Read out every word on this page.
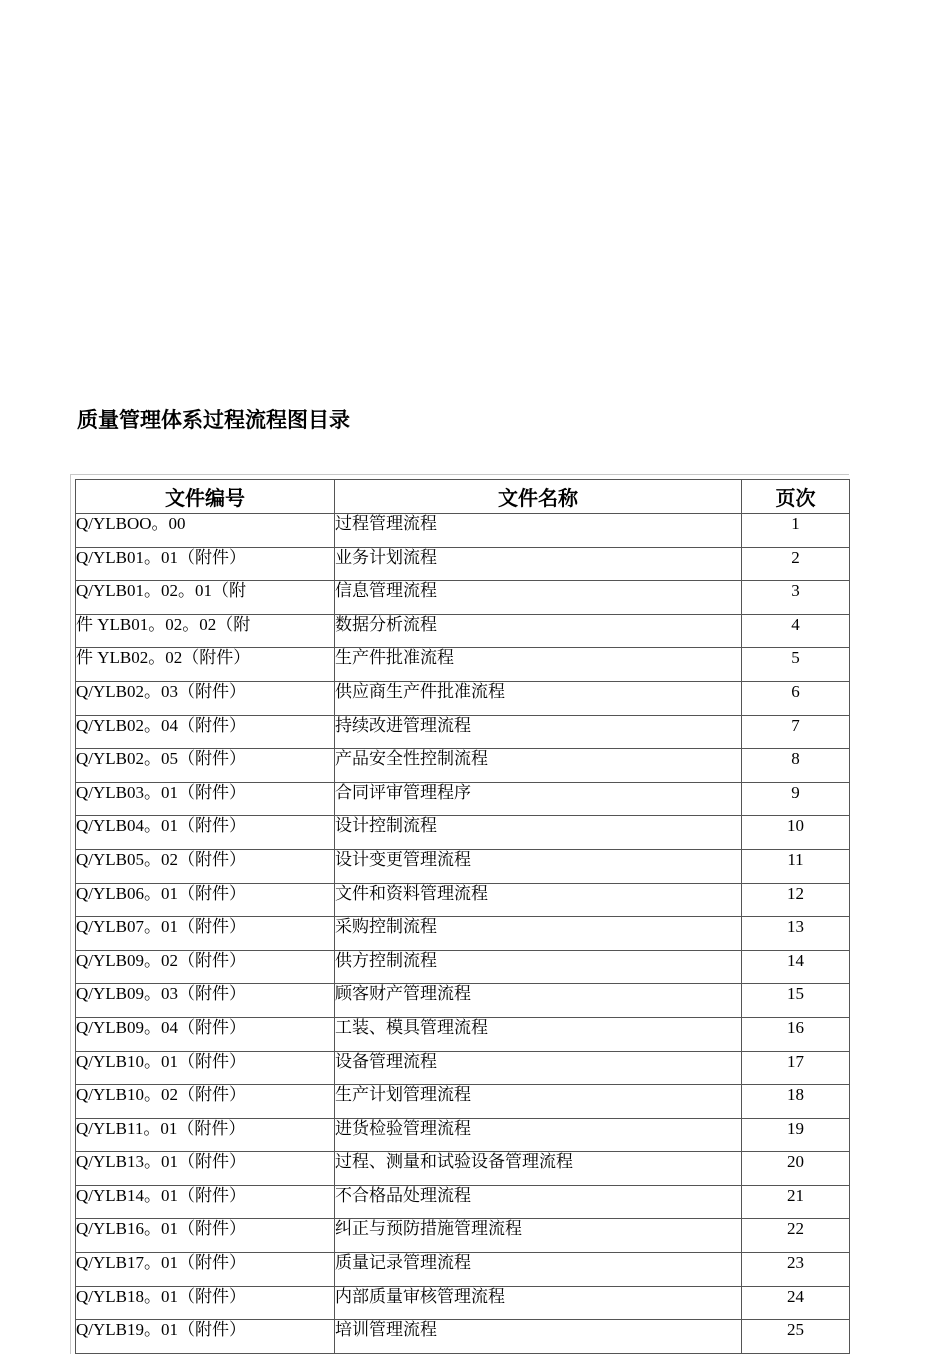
质量管理体系过程流程图目录
文件编号	文件名称	页次
Q/YLBOO。00	过程管理流程	1
Q/YLB01。01（附件）	业务计划流程	2
Q/YLB01。02。01（附	信息管理流程	3
件 YLB01。02。02（附	数据分析流程	4
件 YLB02。02（附件）	生产件批准流程	5
Q/YLB02。03（附件）	供应商生产件批准流程	6
Q/YLB02。04（附件）	持续改进管理流程	7
Q/YLB02。05（附件）	产品安全性控制流程	8
Q/YLB03。01（附件）	合同评审管理程序	9
Q/YLB04。01（附件）	设计控制流程	10
Q/YLB05。02（附件）	设计变更管理流程	11
Q/YLB06。01（附件）	文件和资料管理流程	12
Q/YLB07。01（附件）	采购控制流程	13
Q/YLB09。02（附件）	供方控制流程	14
Q/YLB09。03（附件）	顾客财产管理流程	15
Q/YLB09。04（附件）	工装、模具管理流程	16
Q/YLB10。01（附件）	设备管理流程	17
Q/YLB10。02（附件）	生产计划管理流程	18
Q/YLB11。01（附件）	进货检验管理流程	19
Q/YLB13。01（附件）	过程、测量和试验设备管理流程	20
Q/YLB14。01（附件）	不合格品处理流程	21
Q/YLB16。01（附件）	纠正与预防措施管理流程	22
Q/YLB17。01（附件）	质量记录管理流程	23
Q/YLB18。01（附件）	内部质量审核管理流程	24
Q/YLB19。01（附件）	培训管理流程	25
